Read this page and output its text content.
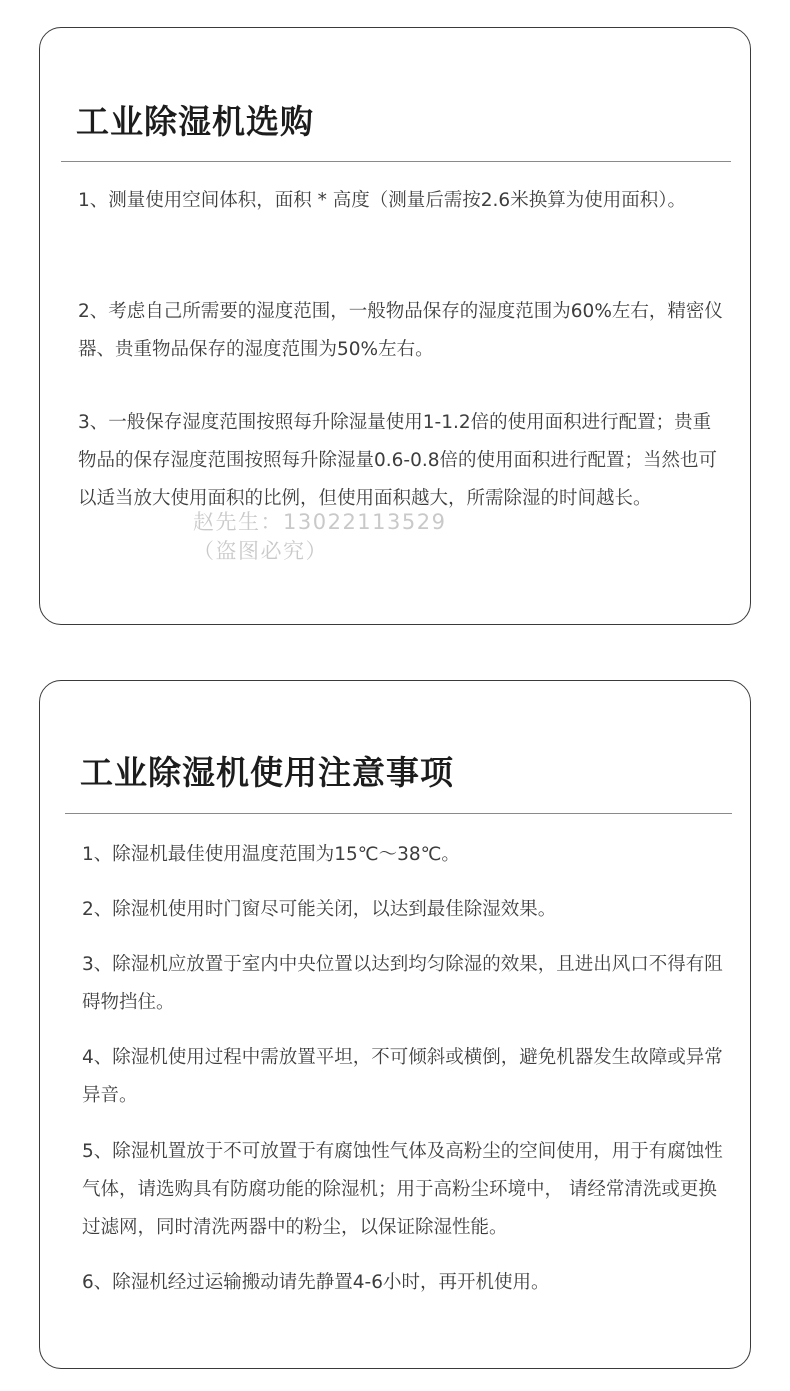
工业除湿机选购

1、测量使用空间体积，面积 * 高度（测量后需按2.6米换算为使用面积）。

2、考虑自己所需要的湿度范围，一般物品保存的湿度范围为60%左右，精密仪器、贵重物品保存的湿度范围为50%左右。

3、一般保存湿度范围按照每升除湿量使用1-1.2倍的使用面积进行配置；贵重物品的保存湿度范围按照每升除湿量0.6-0.8倍的使用面积进行配置；当然也可以适当放大使用面积的比例，但使用面积越大，所需除湿的时间越长。

赵先生：13022113529
（盗图必究）
工业除湿机使用注意事项

1、除湿机最佳使用温度范围为15℃～38℃。

2、除湿机使用时门窗尽可能关闭，以达到最佳除湿效果。

3、除湿机应放置于室内中央位置以达到均匀除湿的效果，且进出风口不得有阻碍物挡住。

4、除湿机使用过程中需放置平坦，不可倾斜或横倒，避免机器发生故障或异常异音。

5、除湿机置放于不可放置于有腐蚀性气体及高粉尘的空间使用，用于有腐蚀性气体，请选购具有防腐功能的除湿机；用于高粉尘环境中， 请经常清洗或更换过滤网，同时清洗两器中的粉尘，以保证除湿性能。

6、除湿机经过运输搬动请先静置4-6小时，再开机使用。
